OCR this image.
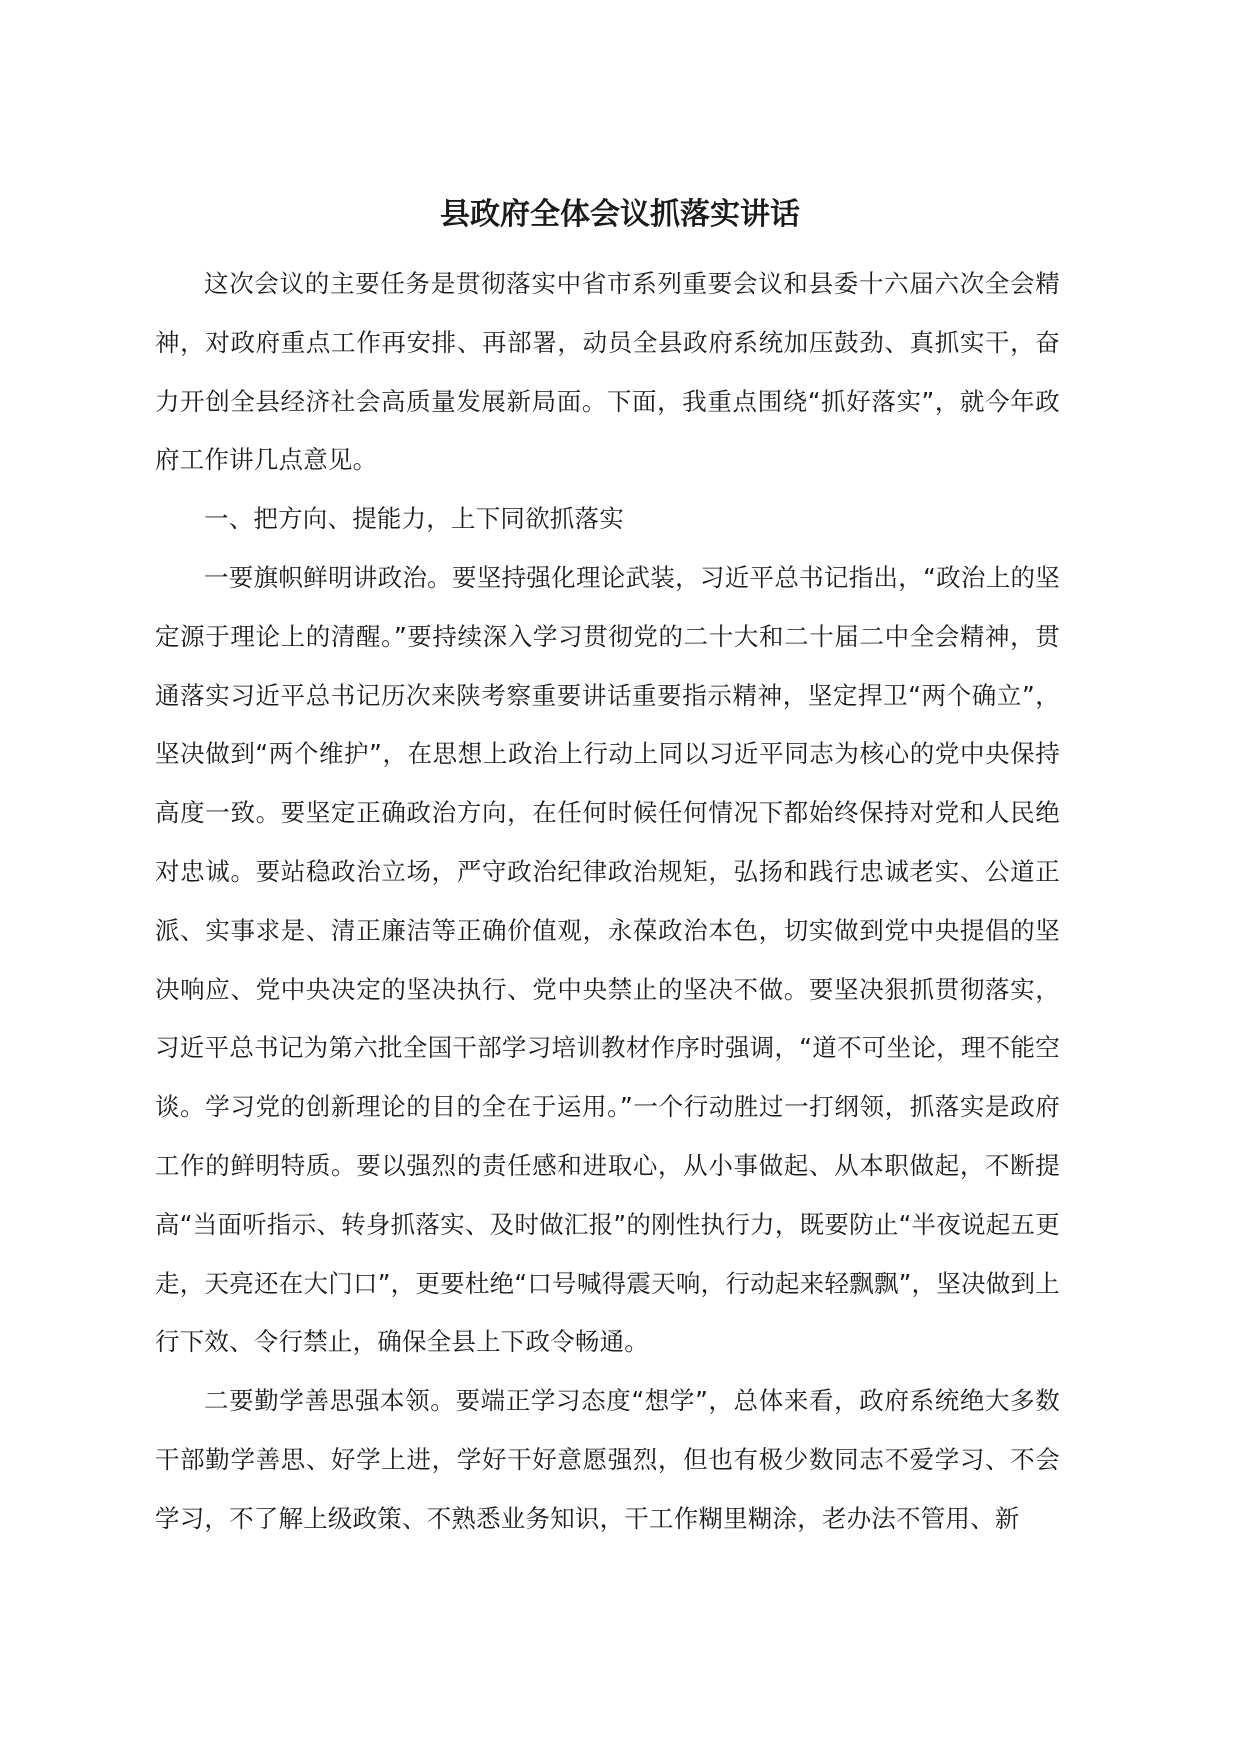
县政府全体会议抓落实讲话

这次会议的主要任务是贯彻落实中省市系列重要会议和县委十六届六次全会精神，对政府重点工作再安排、再部署，动员全县政府系统加压鼓劲、真抓实干，奋力开创全县经济社会高质量发展新局面。下面，我重点围绕“抓好落实”，就今年政府工作讲几点意见。

一、把方向、提能力，上下同欲抓落实

一要旗帜鲜明讲政治。要坚持强化理论武装，习近平总书记指出，“政治上的坚定源于理论上的清醒。”要持续深入学习贯彻党的二十大和二十届二中全会精神，贯通落实习近平总书记历次来陕考察重要讲话重要指示精神，坚定捍卫“两个确立”，坚决做到“两个维护”，在思想上政治上行动上同以习近平同志为核心的党中央保持高度一致。要坚定正确政治方向，在任何时候任何情况下都始终保持对党和人民绝对忠诚。要站稳政治立场，严守政治纪律政治规矩，弘扬和践行忠诚老实、公道正派、实事求是、清正廉洁等正确价值观，永葆政治本色，切实做到党中央提倡的坚决响应、党中央决定的坚决执行、党中央禁止的坚决不做。要坚决狠抓贯彻落实，习近平总书记为第六批全国干部学习培训教材作序时强调，“道不可坐论，理不能空谈。学习党的创新理论的目的全在于运用。”一个行动胜过一打纲领，抓落实是政府工作的鲜明特质。要以强烈的责任感和进取心，从小事做起、从本职做起，不断提高“当面听指示、转身抓落实、及时做汇报”的刚性执行力，既要防止“半夜说起五更走，天亮还在大门口”，更要杜绝“口号喊得震天响，行动起来轻飘飘”，坚决做到上行下效、令行禁止，确保全县上下政令畅通。

二要勤学善思强本领。要端正学习态度“想学”，总体来看，政府系统绝大多数干部勤学善思、好学上进，学好干好意愿强烈，但也有极少数同志不爱学习、不会学习，不了解上级政策、不熟悉业务知识，干工作糊里糊涂，老办法不管用、新
